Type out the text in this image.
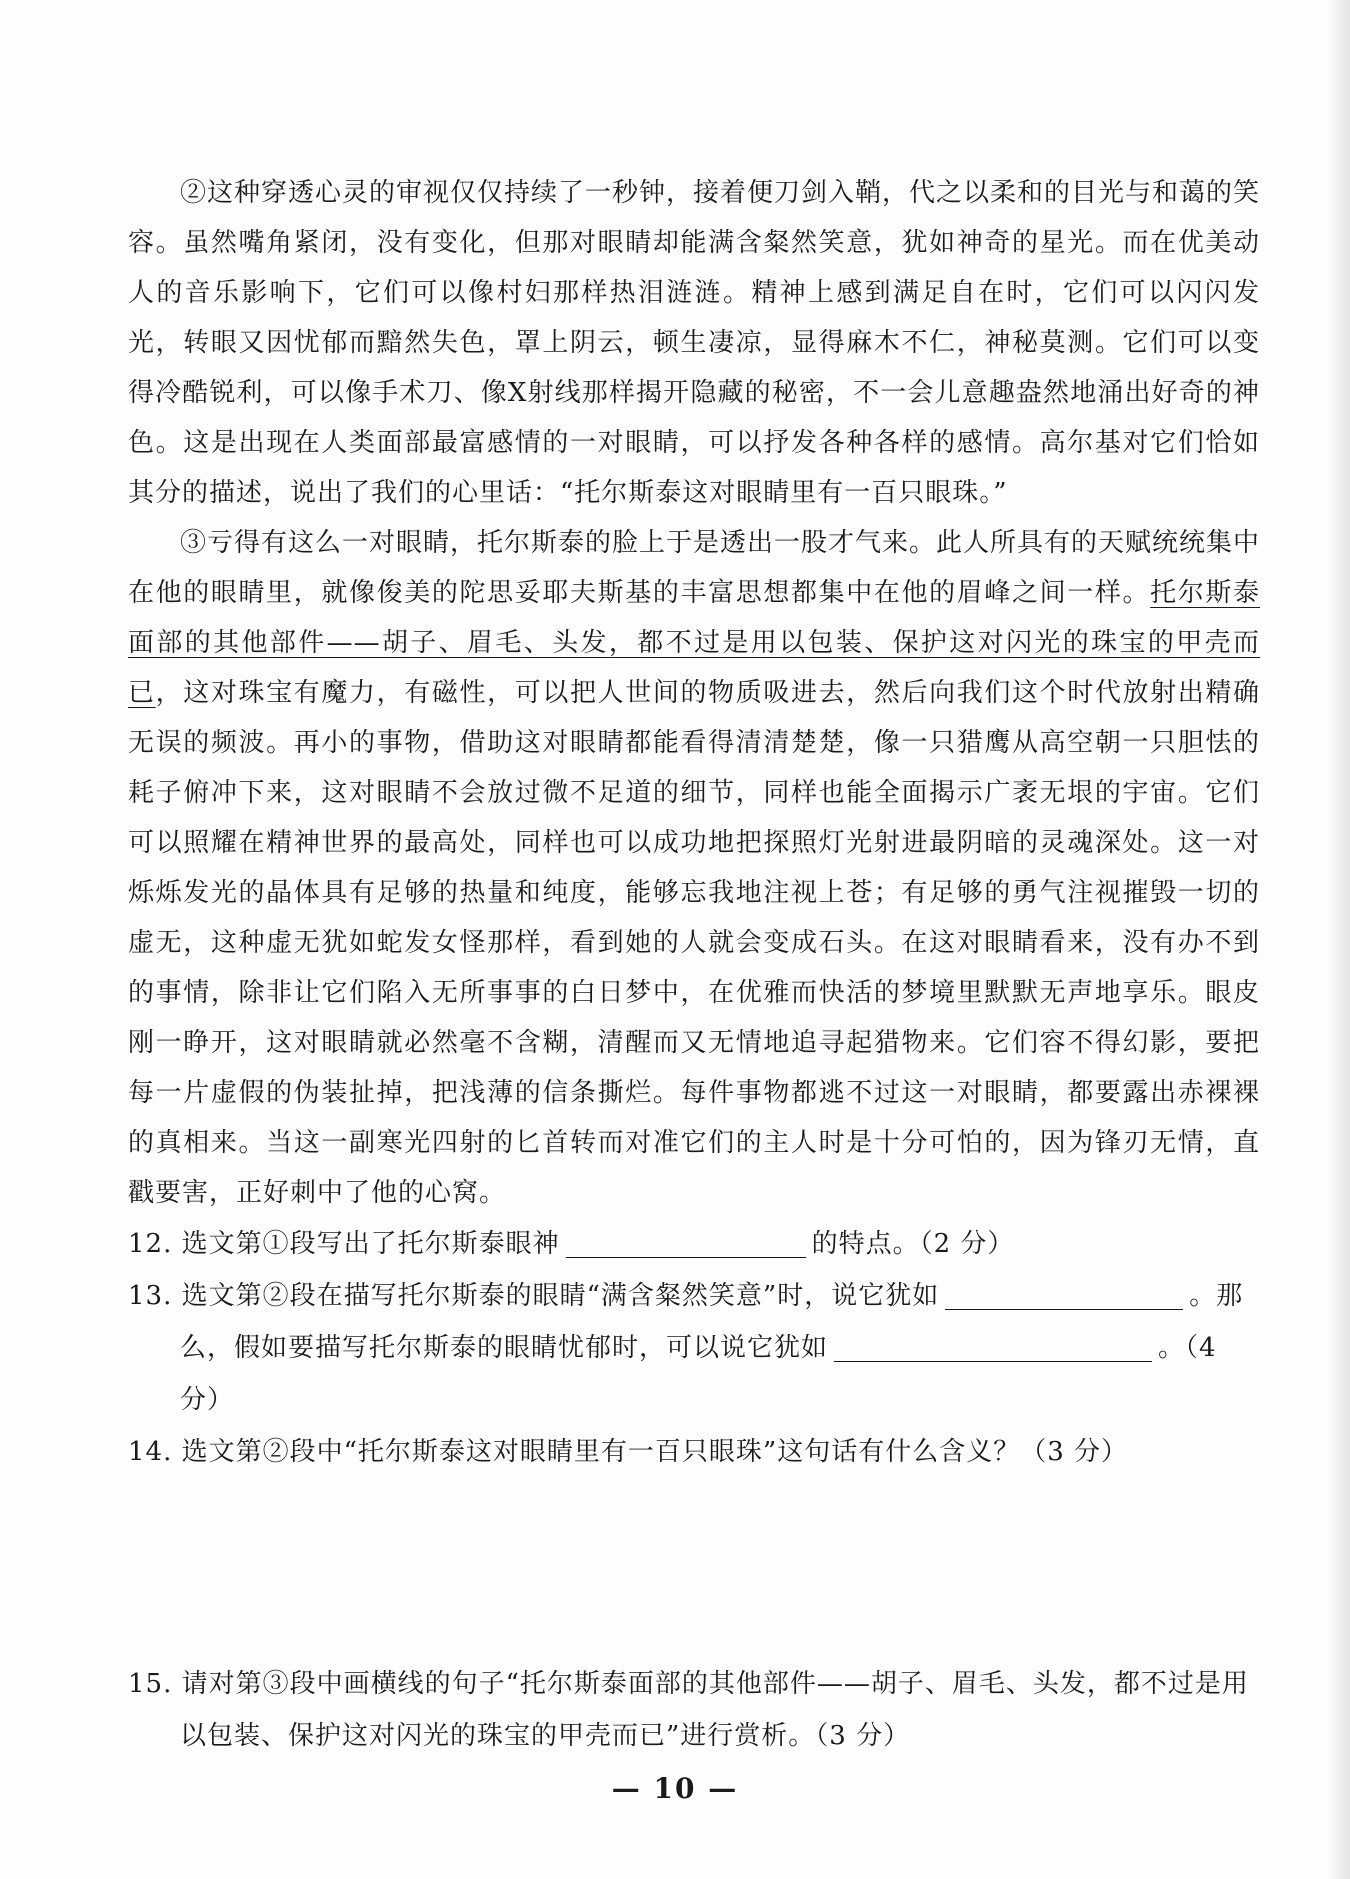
②这种穿透心灵的审视仅仅持续了一秒钟，接着便刀剑入鞘，代之以柔和的目光与和蔼的笑容。虽然嘴角紧闭，没有变化，但那对眼睛却能满含粲然笑意，犹如神奇的星光。而在优美动人的音乐影响下，它们可以像村妇那样热泪涟涟。精神上感到满足自在时，它们可以闪闪发光，转眼又因忧郁而黯然失色，罩上阴云，顿生凄凉，显得麻木不仁，神秘莫测。它们可以变得冷酷锐利，可以像手术刀、像X射线那样揭开隐藏的秘密，不一会儿意趣盎然地涌出好奇的神色。这是出现在人类面部最富感情的一对眼睛，可以抒发各种各样的感情。高尔基对它们恰如其分的描述，说出了我们的心里话：“托尔斯泰这对眼睛里有一百只眼珠。”

③亏得有这么一对眼睛，托尔斯泰的脸上于是透出一股才气来。此人所具有的天赋统统集中在他的眼睛里，就像俊美的陀思妥耶夫斯基的丰富思想都集中在他的眉峰之间一样。托尔斯泰面部的其他部件——胡子、眉毛、头发，都不过是用以包装、保护这对闪光的珠宝的甲壳而已，这对珠宝有魔力，有磁性，可以把人世间的物质吸进去，然后向我们这个时代放射出精确无误的频波。再小的事物，借助这对眼睛都能看得清清楚楚，像一只猎鹰从高空朝一只胆怯的耗子俯冲下来，这对眼睛不会放过微不足道的细节，同样也能全面揭示广袤无垠的宇宙。它们可以照耀在精神世界的最高处，同样也可以成功地把探照灯光射进最阴暗的灵魂深处。这一对烁烁发光的晶体具有足够的热量和纯度，能够忘我地注视上苍；有足够的勇气注视摧毁一切的虚无，这种虚无犹如蛇发女怪那样，看到她的人就会变成石头。在这对眼睛看来，没有办不到的事情，除非让它们陷入无所事事的白日梦中，在优雅而快活的梦境里默默无声地享乐。眼皮刚一睁开，这对眼睛就必然毫不含糊，清醒而又无情地追寻起猎物来。它们容不得幻影，要把每一片虚假的伪装扯掉，把浅薄的信条撕烂。每件事物都逃不过这一对眼睛，都要露出赤裸裸的真相来。当这一副寒光四射的匕首转而对准它们的主人时是十分可怕的，因为锋刃无情，直戳要害，正好刺中了他的心窝。

12. 选文第①段写出了托尔斯泰眼神	的特点。（2 分）
13. 选文第②段在描写托尔斯泰的眼睛“满含粲然笑意”时，说它犹如	。那
么，假如要描写托尔斯泰的眼睛忧郁时，可以说它犹如	。（4 分）
14. 选文第②段中“托尔斯泰这对眼睛里有一百只眼珠”这句话有什么含义？（3 分）
15. 请对第③段中画横线的句子“托尔斯泰面部的其他部件——胡子、眉毛、头发，都不过是用
以包装、保护这对闪光的珠宝的甲壳而已”进行赏析。（3 分）
— 10 —
